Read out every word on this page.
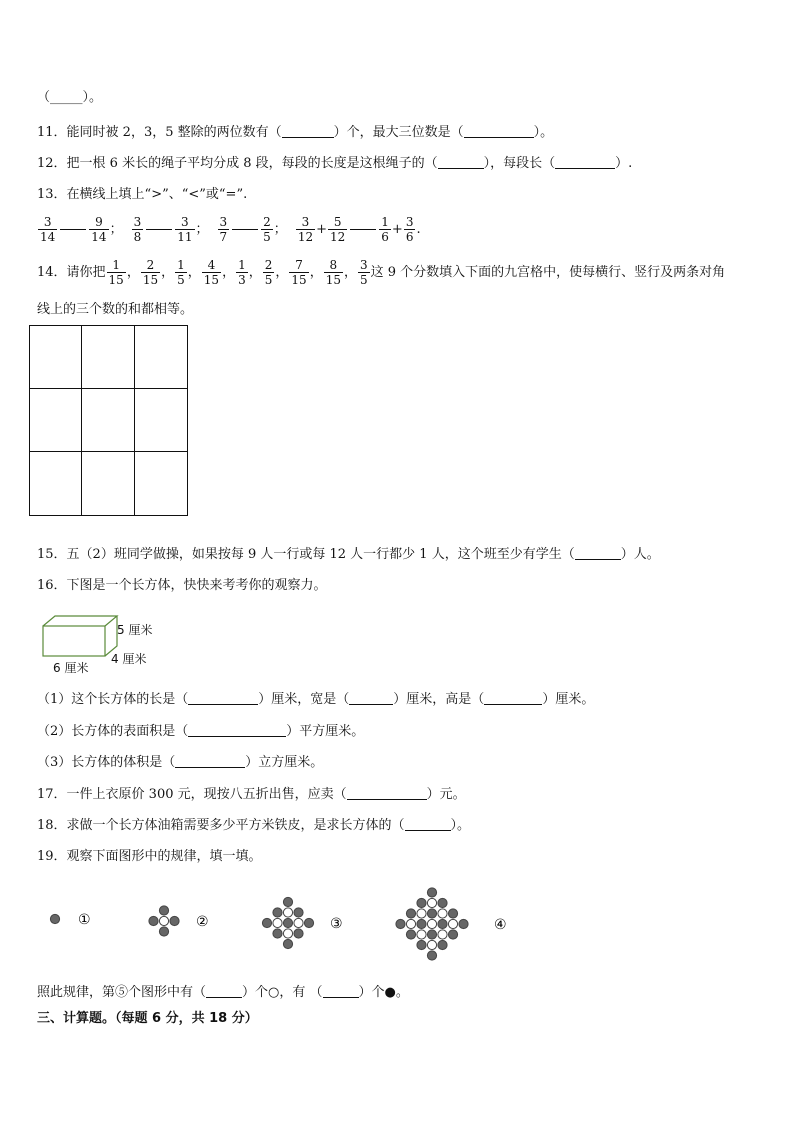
（_____）。
11．能同时被 2，3，5 整除的两位数有（	）个，最大三位数是（	）。
12．把一根 6 米长的绳子平均分成 8 段，每段的长度是这根绳子的（	），每段长（	）.
13．在横线上填上“>”、“<”或“=”.
$\frac{3}{14}$	$\frac{9}{14}$ ； $\frac{3}{8}$	$\frac{3}{11}$ ； $\frac{3}{7}$	$\frac{2}{5}$ ； $\frac{3}{12} + \frac{5}{12}$	$\frac{1}{6} + \frac{3}{6}$ .
14．请你把 $\frac{1}{15}$ ， $\frac{2}{15}$ ， $\frac{1}{5}$ ， $\frac{4}{15}$ ， $\frac{1}{3}$ ， $\frac{2}{5}$ ， $\frac{7}{15}$ ， $\frac{8}{15}$ ， $\frac{3}{5}$ 这 9 个分数填入下面的九宫格中，使每横行、竖行及两条对角
线上的三个数的和都相等。
15．五（2）班同学做操，如果按每 9 人一行或每 12 人一行都少 1 人，这个班至少有学生（	）人。
16．下图是一个长方体，快快来考考你的观察力。
5 厘米
4 厘米
6 厘米
（1）这个长方体的长是（	）厘米，宽是（	）厘米，高是（	）厘米。
（2）长方体的表面积是（	）平方厘米。
（3）长方体的体积是（	）立方厘米。
17．一件上衣原价 300 元，现按八五折出售，应卖（	）元。
18．求做一个长方体油箱需要多少平方米铁皮，是求长方体的（	）。
19．观察下面图形中的规律，填一填。
①	②	③	④
照此规律，第⑤个图形中有（	）个○，有 （	）个●。
三、计算题。（每题 6 分，共 18 分）
